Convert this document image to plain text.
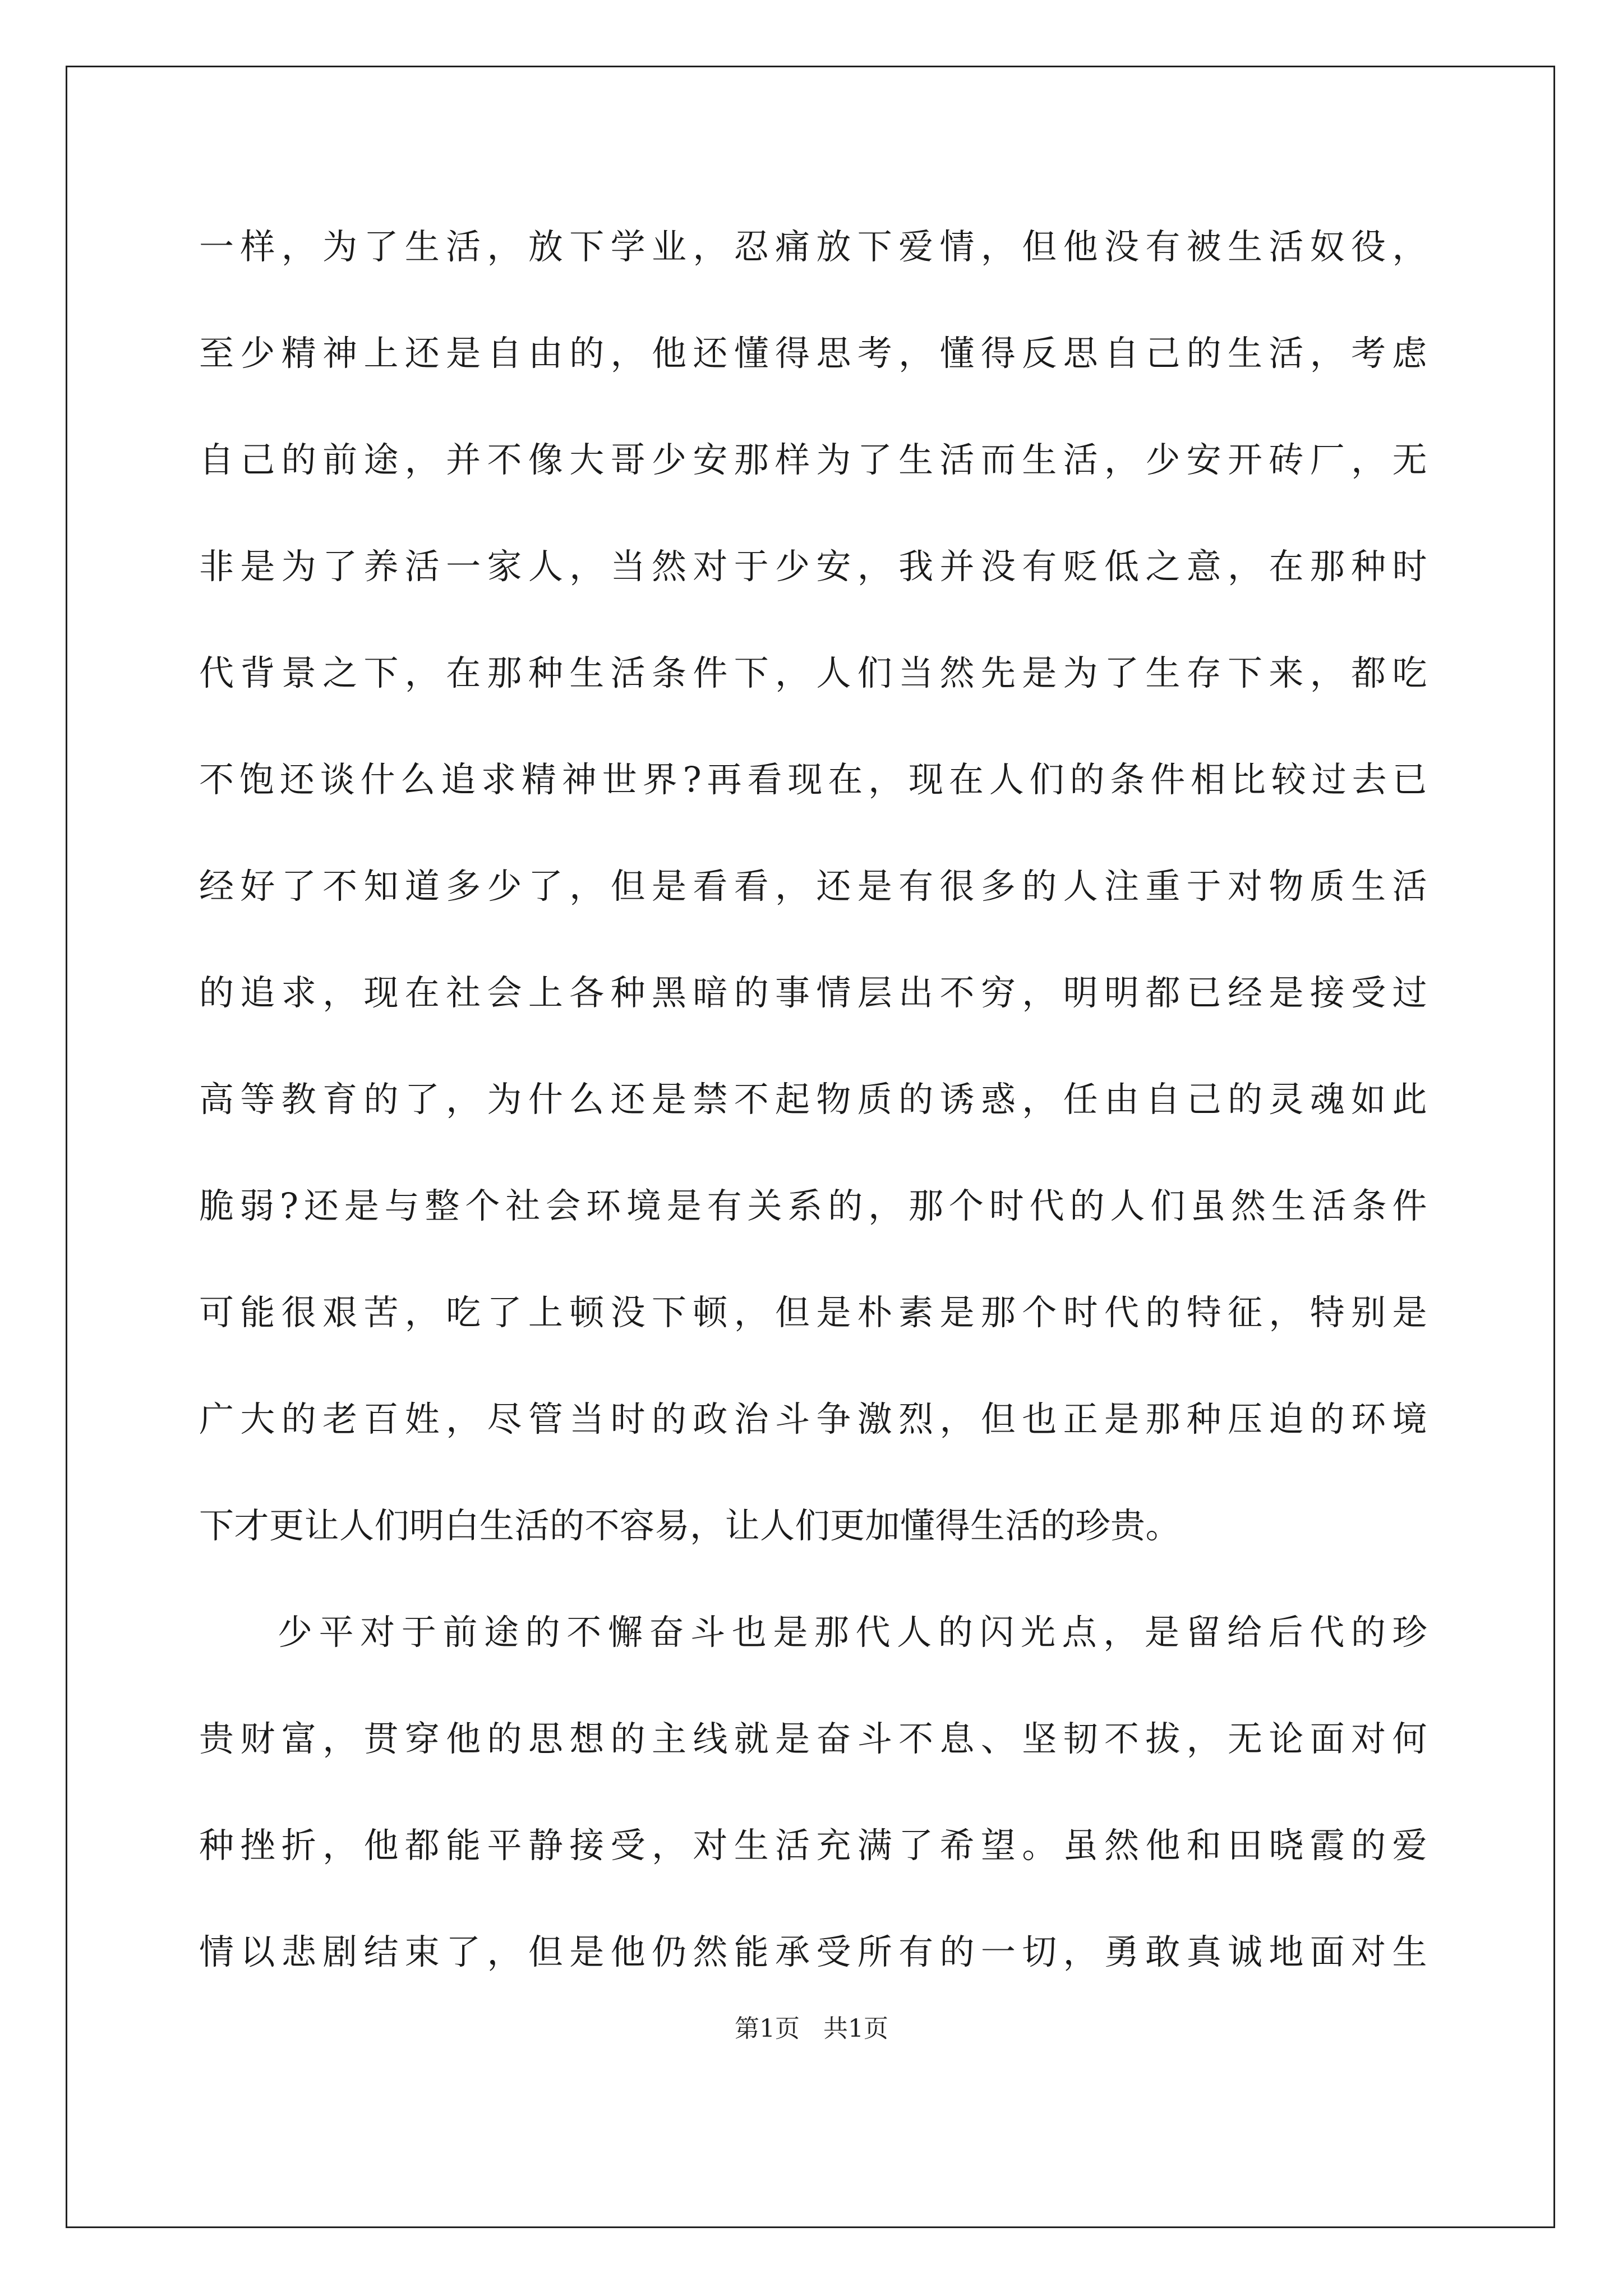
一样，为了生活，放下学业，忍痛放下爱情，但他没有被生活奴役，
至少精神上还是自由的，他还懂得思考，懂得反思自己的生活，考虑
自己的前途，并不像大哥少安那样为了生活而生活，少安开砖厂，无
非是为了养活一家人，当然对于少安，我并没有贬低之意，在那种时
代背景之下，在那种生活条件下，人们当然先是为了生存下来，都吃
不饱还谈什么追求精神世界?再看现在，现在人们的条件相比较过去已
经好了不知道多少了，但是看看，还是有很多的人注重于对物质生活
的追求，现在社会上各种黑暗的事情层出不穷，明明都已经是接受过
高等教育的了，为什么还是禁不起物质的诱惑，任由自己的灵魂如此
脆弱?还是与整个社会环境是有关系的，那个时代的人们虽然生活条件
可能很艰苦，吃了上顿没下顿，但是朴素是那个时代的特征，特别是
广大的老百姓，尽管当时的政治斗争激烈，但也正是那种压迫的环境
下才更让人们明白生活的不容易，让人们更加懂得生活的珍贵。
少平对于前途的不懈奋斗也是那代人的闪光点，是留给后代的珍
贵财富，贯穿他的思想的主线就是奋斗不息、坚韧不拔，无论面对何
种挫折，他都能平静接受，对生活充满了希望。虽然他和田晓霞的爱
情以悲剧结束了，但是他仍然能承受所有的一切，勇敢真诚地面对生
第1页   共1页
